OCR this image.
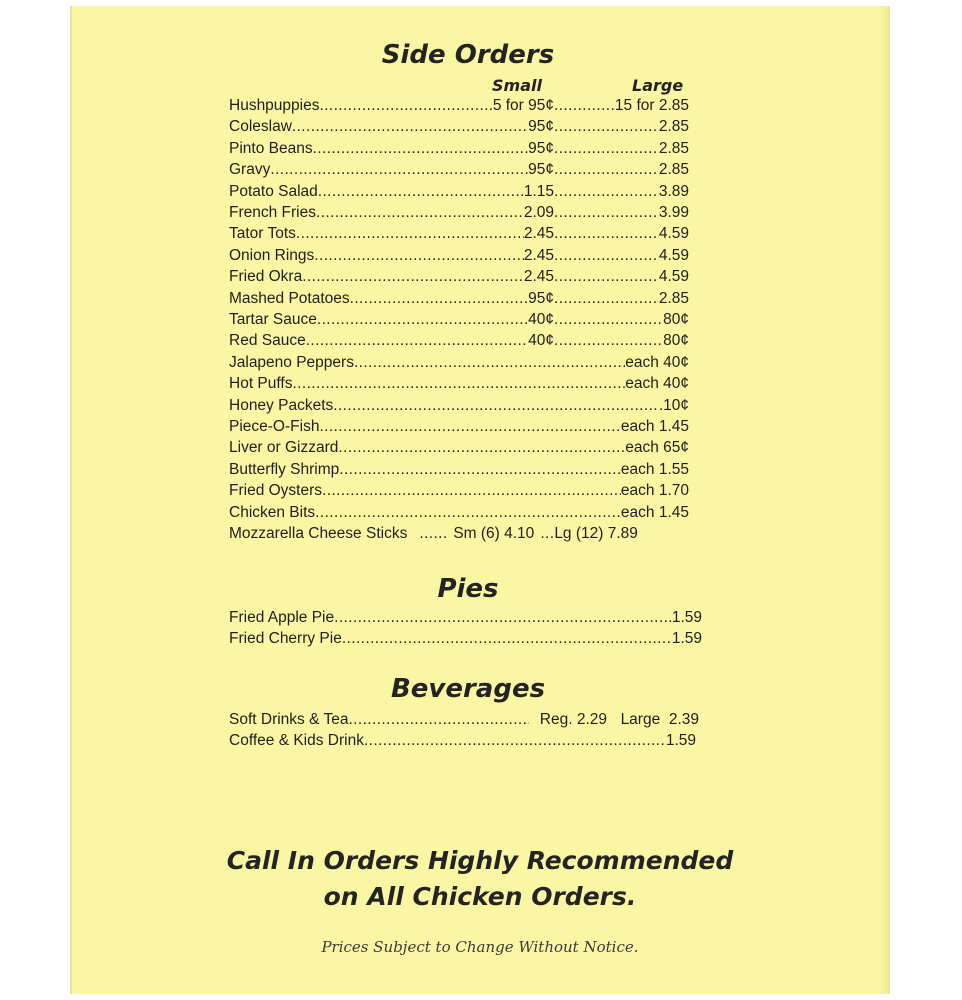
Side Orders
Small	Large
Hushpuppies .....	5 for 95¢ .....	15 for 2.85
Coleslaw .....	95¢ .....	2.85
Pinto Beans .....	95¢ .....	2.85
Gravy .....	95¢ .....	2.85
Potato Salad .....	1.15 .....	3.89
French Fries .....	2.09 .....	3.99
Tator Tots .....	2.45 .....	4.59
Onion Rings .....	2.45 .....	4.59
Fried Okra .....	2.45 .....	4.59
Mashed Potatoes .....	95¢ .....	2.85
Tartar Sauce .....	40¢ .....	80¢
Red Sauce .....	40¢ .....	80¢
Jalapeno Peppers .....	each 40¢
Hot Puffs .....	each 40¢
Honey Packets .....	.10¢
Piece-O-Fish .....	each 1.45
Liver or Gizzard .....	each 65¢
Butterfly Shrimp .....	each 1.55
Fried Oysters .....	each 1.70
Chicken Bits .....	each 1.45
Mozzarella Cheese Sticks .....	Sm (6) 4.10 ..... Lg (12) 7.89
Pies
Fried Apple Pie .....	1.59
Fried Cherry Pie .....	1.59
Beverages
Soft Drinks & Tea .....	Reg. 2.29 Large  2.39
Coffee & Kids Drink .....	1.59

Call In Orders Highly Recommended

on All Chicken Orders.

Prices Subject to Change Without Notice.
